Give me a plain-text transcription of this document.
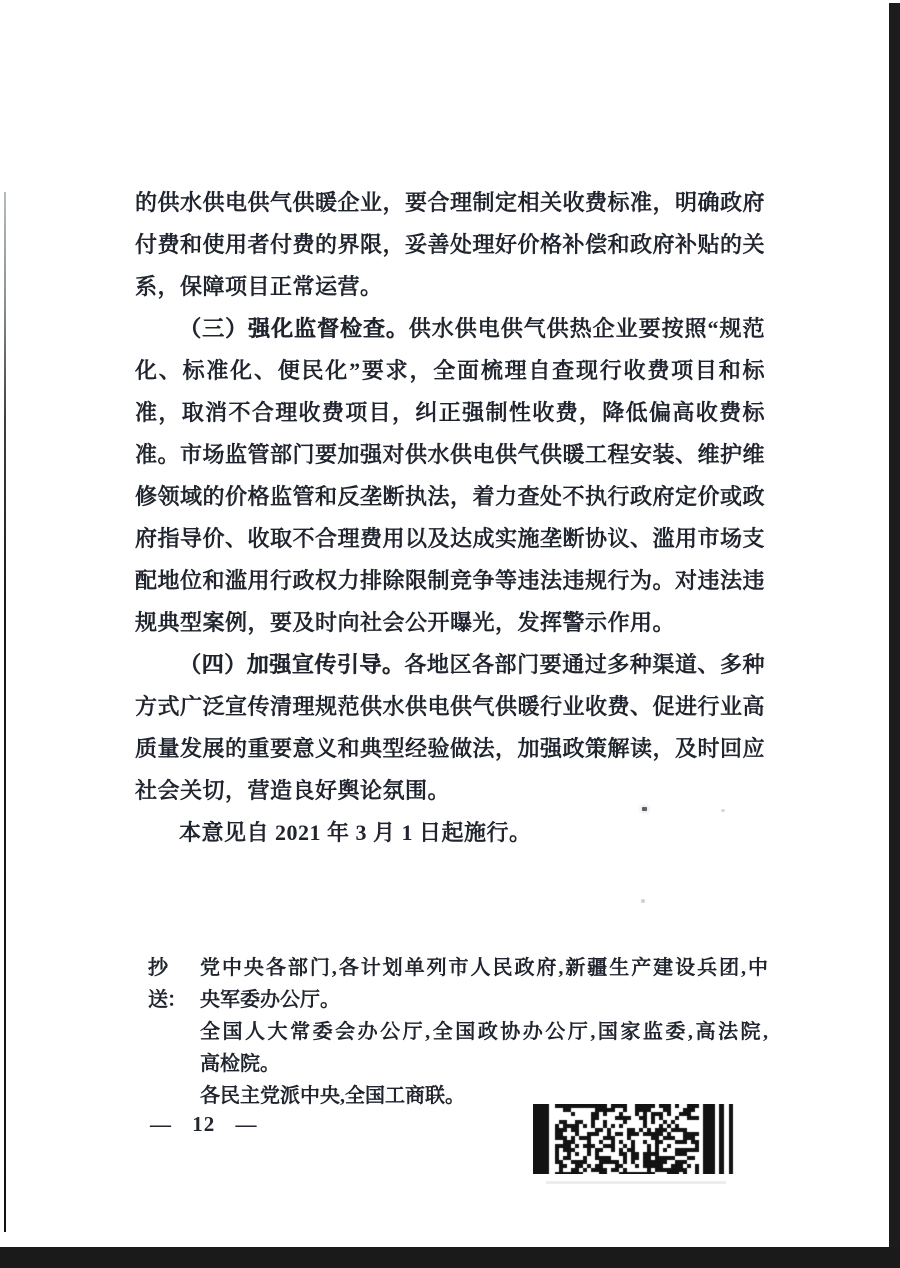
的供水供电供气供暖企业，要合理制定相关收费标准，明确政府
付费和使用者付费的界限，妥善处理好价格补偿和政府补贴的关
系，保障项目正常运营。
（三）强化监督检查。供水供电供气供热企业要按照“规范
化、标准化、便民化”要求，全面梳理自查现行收费项目和标
准，取消不合理收费项目，纠正强制性收费，降低偏高收费标
准。市场监管部门要加强对供水供电供气供暖工程安装、维护维
修领域的价格监管和反垄断执法，着力查处不执行政府定价或政
府指导价、收取不合理费用以及达成实施垄断协议、滥用市场支
配地位和滥用行政权力排除限制竞争等违法违规行为。对违法违
规典型案例，要及时向社会公开曝光，发挥警示作用。
（四）加强宣传引导。各地区各部门要通过多种渠道、多种
方式广泛宣传清理规范供水供电供气供暖行业收费、促进行业高
质量发展的重要意义和典型经验做法，加强政策解读，及时回应
社会关切，营造良好舆论氛围。
本意见自 2021 年 3 月 1 日起施行。
抄送：
党中央各部门,各计划单列市人民政府,新疆生产建设兵团,中
央军委办公厅。
全国人大常委会办公厅,全国政协办公厅,国家监委,高法院,
高检院。
各民主党派中央,全国工商联。
— 12 —
